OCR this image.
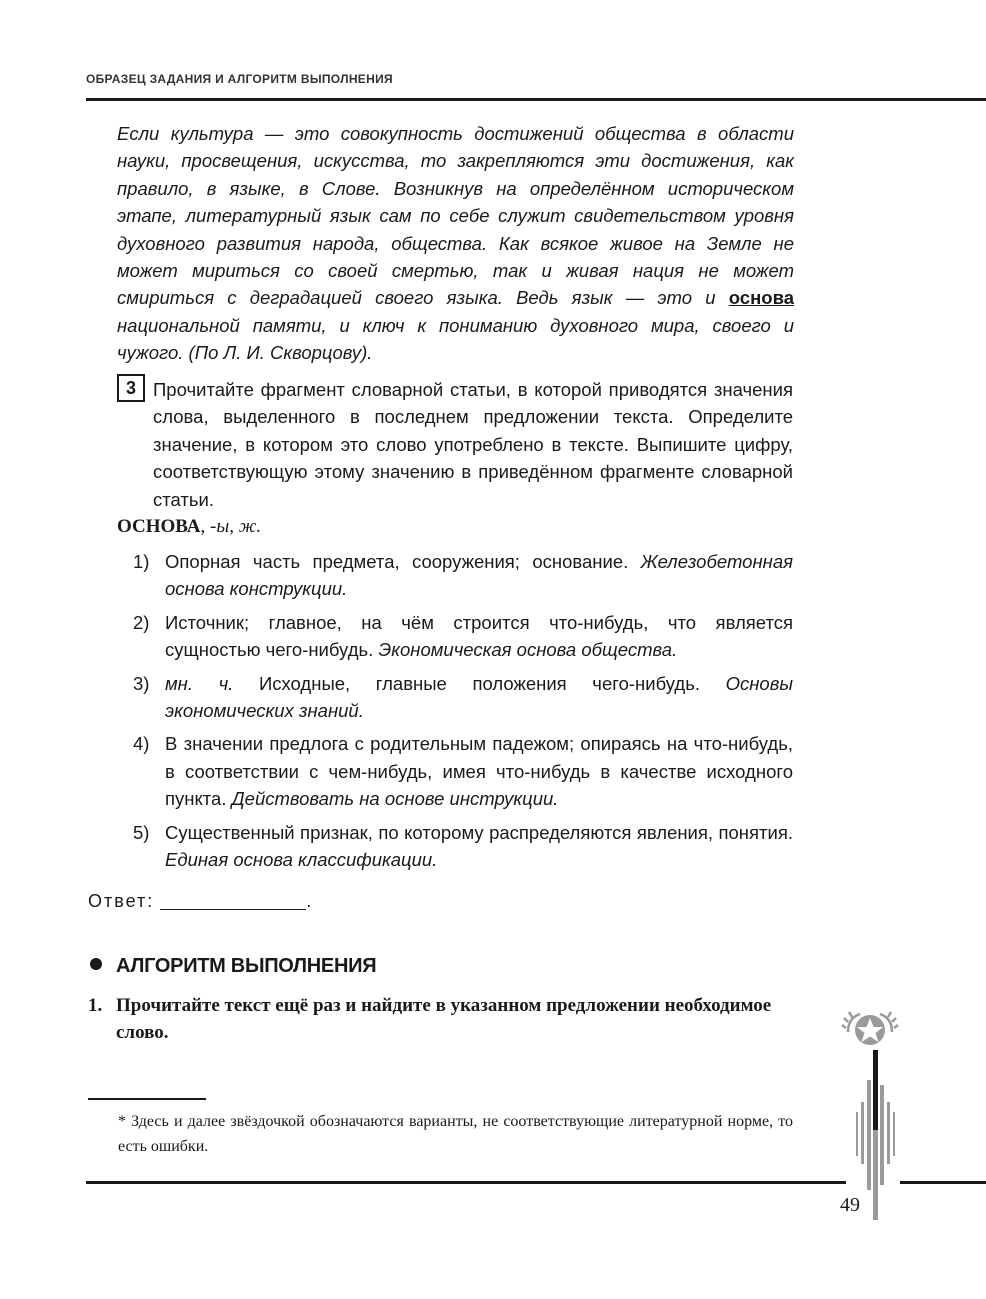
ОБРАЗЕЦ ЗАДАНИЯ И АЛГОРИТМ ВЫПОЛНЕНИЯ
Если культура — это совокупность достижений общества в области науки, просвещения, искусства, то закрепляются эти достижения, как правило, в языке, в Слове. Возникнув на определённом историческом этапе, литературный язык сам по себе служит свидетельством уровня духовного развития народа, общества. Как всякое живое на Земле не может мириться со своей смертью, так и живая нация не может смириться с деградацией своего языка. Ведь язык — это и основа национальной памяти, и ключ к пониманию духовного мира, своего и чужого. (По Л. И. Скворцову).
3 Прочитайте фрагмент словарной статьи, в которой приводятся значения слова, выделенного в последнем предложении текста. Определите значение, в котором это слово употреблено в тексте. Выпишите цифру, соответствующую этому значению в приведённом фрагменте словарной статьи.
ОСНОВА, -ы, ж.
1) Опорная часть предмета, сооружения; основание. Железобетонная основа конструкции.
2) Источник; главное, на чём строится что-нибудь, что является сущностью чего-нибудь. Экономическая основа общества.
3) мн. ч. Исходные, главные положения чего-нибудь. Основы экономических знаний.
4) В значении предлога с родительным падежом; опираясь на что-нибудь, в соответствии с чем-нибудь, имея что-нибудь в качестве исходного пункта. Действовать на основе инструкции.
5) Существенный признак, по которому распределяются явления, понятия. Единая основа классификации.
Ответ:	.
АЛГОРИТМ ВЫПОЛНЕНИЯ
1. Прочитайте текст ещё раз и найдите в указанном предложении необходимое слово.
* Здесь и далее звёздочкой обозначаются варианты, не соответствующие литературной норме, то есть ошибки.
49
